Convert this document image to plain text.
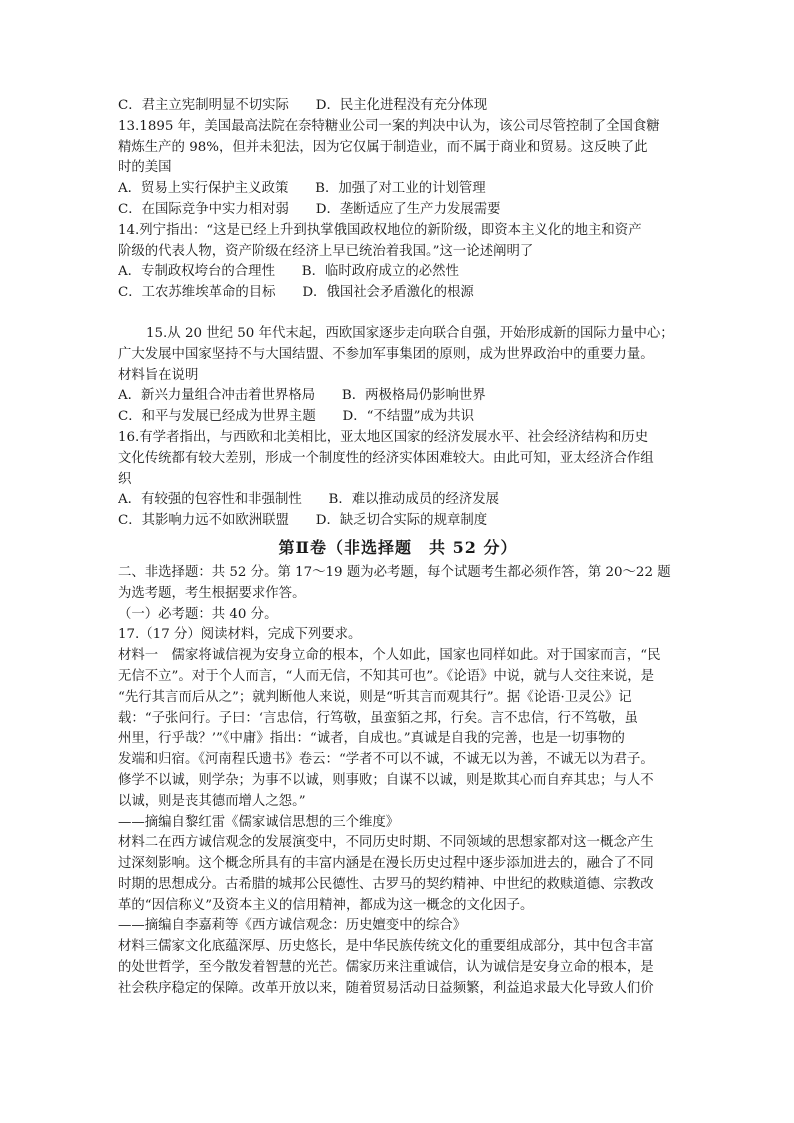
C．君主立宪制明显不切实际　　D．民主化进程没有充分体现
13.1895 年，美国最高法院在奈特糖业公司一案的判决中认为，该公司尽管控制了全国食糖
精炼生产的 98%，但并未犯法，因为它仅属于制造业，而不属于商业和贸易。这反映了此
时的美国
A．贸易上实行保护主义政策　　B．加强了对工业的计划管理
C．在国际竞争中实力相对弱　　D．垄断适应了生产力发展需要
14.列宁指出：“这是已经上升到执掌俄国政权地位的新阶级，即资本主义化的地主和资产
阶级的代表人物，资产阶级在经济上早已统治着我国。”这一论述阐明了
A．专制政权垮台的合理性　　B．临时政府成立的必然性
C．工农苏维埃革命的目标　　D．俄国社会矛盾激化的根源
15.从 20 世纪 50 年代末起，西欧国家逐步走向联合自强，开始形成新的国际力量中心；
广大发展中国家坚持不与大国结盟、不参加军事集团的原则，成为世界政治中的重要力量。
材料旨在说明
A．新兴力量组合冲击着世界格局　　B．两极格局仍影响世界
C．和平与发展已经成为世界主题　　D．“不结盟”成为共识
16.有学者指出，与西欧和北美相比，亚太地区国家的经济发展水平、社会经济结构和历史
文化传统都有较大差别，形成一个制度性的经济实体困难较大。由此可知，亚太经济合作组
织
A．有较强的包容性和非强制性　　B．难以推动成员的经济发展
C．其影响力远不如欧洲联盟　　D．缺乏切合实际的规章制度
第Ⅱ卷（非选择题　共 52 分）
二、非选择题：共 52 分。第 17～19 题为必考题，每个试题考生都必须作答，第 20～22 题
为选考题，考生根据要求作答。
（一）必考题：共 40 分。
17.（17 分）阅读材料，完成下列要求。
材料一　儒家将诚信视为安身立命的根本，个人如此，国家也同样如此。对于国家而言，“民
无信不立”。对于个人而言，“人而无信，不知其可也”。《论语》中说，就与人交往来说，是
“先行其言而后从之”；就判断他人来说，则是“听其言而观其行”。据《论语·卫灵公》记
载：“子张问行。子曰：‘言忠信，行笃敬，虽蛮貊之邦，行矣。言不忠信，行不笃敬，虽
州里，行乎哉？’”《中庸》指出：“诚者，自成也。”真诚是自我的完善，也是一切事物的
发端和归宿。《河南程氏遗书》卷云：“学者不可以不诚，不诚无以为善，不诚无以为君子。
修学不以诚，则学杂；为事不以诚，则事败；自谋不以诚，则是欺其心而自弃其忠；与人不
以诚，则是丧其德而增人之怨。”
——摘编自黎红雷《儒家诚信思想的三个维度》
材料二在西方诚信观念的发展演变中，不同历史时期、不同领域的思想家都对这一概念产生
过深刻影响。这个概念所具有的丰富内涵是在漫长历史过程中逐步添加进去的，融合了不同
时期的思想成分。古希腊的城邦公民德性、古罗马的契约精神、中世纪的救赎道德、宗教改
革的“因信称义”及资本主义的信用精神，都成为这一概念的文化因子。
——摘编自李嘉莉等《西方诚信观念：历史嬗变中的综合》
材料三儒家文化底蕴深厚、历史悠长，是中华民族传统文化的重要组成部分，其中包含丰富
的处世哲学，至今散发着智慧的光芒。儒家历来注重诚信，认为诚信是安身立命的根本，是
社会秩序稳定的保障。改革开放以来，随着贸易活动日益频繁，利益追求最大化导致人们价
